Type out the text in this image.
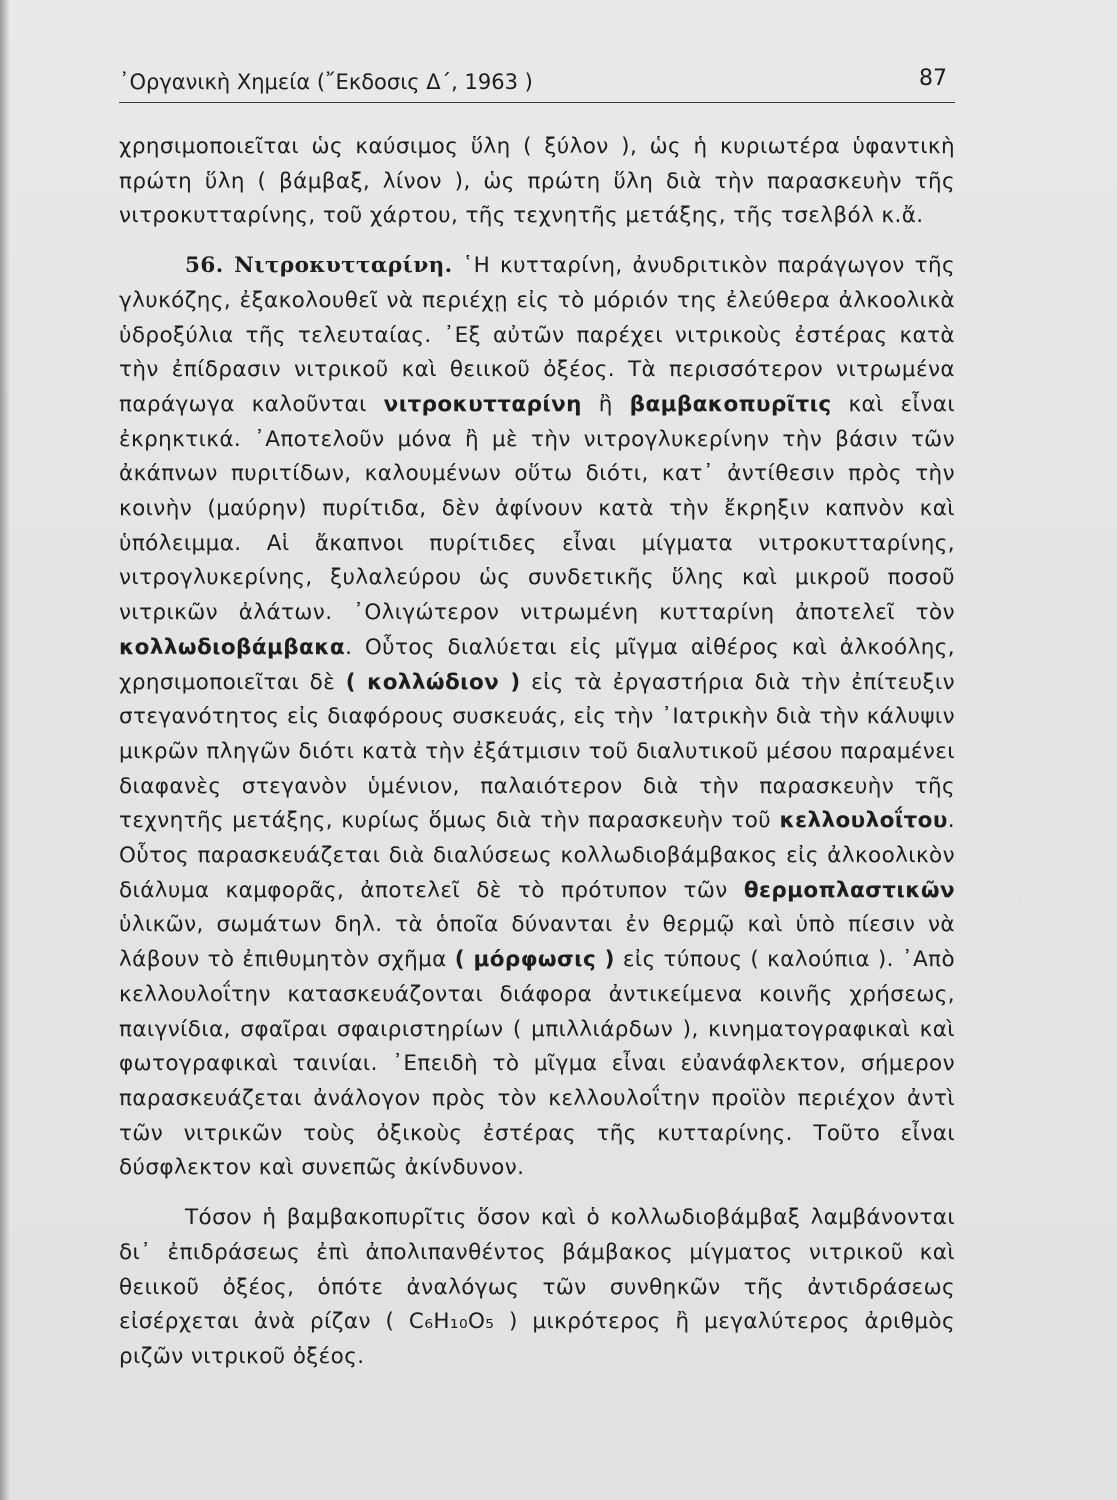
᾿Οργανικὴ Χημεία (῎Εκδοσις Δ΄, 1963 )	87

χρησιμοποιεῖται ὡς καύσιμος ὕλη ( ξύλον ), ὡς ἡ κυριωτέρα ὑφαντικὴ πρώτη ὕλη ( βάμβαξ, λίνον ), ὡς πρώτη ὕλη διὰ τὴν παρασκευὴν τῆς νιτροκυτταρίνης, τοῦ χάρτου, τῆς τεχνητῆς μετάξης, τῆς τσελβόλ κ.ἄ.

56. Νιτροκυτταρίνη. ῾Η κυτταρίνη, ἀνυδριτικὸν παράγωγον τῆς γλυκόζης, ἐξακολουθεῖ νὰ περιέχῃ εἰς τὸ μόριόν της ἐλεύθερα ἀλκοολικὰ ὑδροξύλια τῆς τελευταίας. ᾿Εξ αὐτῶν παρέχει νιτρικοὺς ἐστέρας κατὰ τὴν ἐπίδρασιν νιτρικοῦ καὶ θειικοῦ ὀξέος. Τὰ περισσότερον νιτρωμένα παράγωγα καλοῦνται νιτροκυτταρίνη ἢ βαμβακοπυρῖτις καὶ εἶναι ἐκρηκτικά. ᾿Αποτελοῦν μόνα ἢ μὲ τὴν νιτρογλυκερίνην τὴν βάσιν τῶν ἀκάπνων πυριτίδων, καλουμένων οὕτω διότι, κατ᾿ ἀντίθεσιν πρὸς τὴν κοινὴν (μαύρην) πυρίτιδα, δὲν ἀφίνουν κατὰ τὴν ἔκρηξιν καπνὸν καὶ ὑπόλειμμα. Αἱ ἄκαπνοι πυρίτιδες εἶναι μίγματα νιτροκυτταρίνης, νιτρογλυκερίνης, ξυλαλεύρου ὡς συνδετικῆς ὕλης καὶ μικροῦ ποσοῦ νιτρικῶν ἀλάτων. ᾿Ολιγώτερον νιτρωμένη κυτταρίνη ἀποτελεῖ τὸν κολλωδιοβάμβακα. Οὗτος διαλύεται εἰς μῖγμα αἰθέρος καὶ ἀλκοόλης, χρησιμοποιεῖται δὲ ( κολλώδιον ) εἰς τὰ ἐργαστήρια διὰ τὴν ἐπίτευξιν στεγανότητος εἰς διαφόρους συσκευάς, εἰς τὴν ᾿Ιατρικὴν διὰ τὴν κάλυψιν μικρῶν πληγῶν διότι κατὰ τὴν ἐξάτμισιν τοῦ διαλυτικοῦ μέσου παραμένει διαφανὲς στεγανὸν ὑμένιον, παλαιότερον διὰ τὴν παρασκευὴν τῆς τεχνητῆς μετάξης, κυρίως ὅμως διὰ τὴν παρασκευὴν τοῦ κελλουλοΐτου. Οὗτος παρασκευάζεται διὰ διαλύσεως κολλωδιοβάμβακος εἰς ἀλκοολικὸν διάλυμα καμφορᾶς, ἀποτελεῖ δὲ τὸ πρότυπον τῶν θερμοπλαστικῶν ὑλικῶν, σωμάτων δηλ. τὰ ὁποῖα δύνανται ἐν θερμῷ καὶ ὑπὸ πίεσιν νὰ λάβουν τὸ ἐπιθυμητὸν σχῆμα ( μόρφωσις ) εἰς τύπους ( καλούπια ). ᾿Απὸ κελλουλοΐτην κατασκευάζονται διάφορα ἀντικείμενα κοινῆς χρήσεως, παιγνίδια, σφαῖραι σφαιριστηρίων ( μπιλλιάρδων ), κινηματογραφικαὶ καὶ φωτογραφικαὶ ταινίαι. ᾿Επειδὴ τὸ μῖγμα εἶναι εὐανάφλεκτον, σήμερον παρασκευάζεται ἀνάλογον πρὸς τὸν κελλουλοΐτην προϊὸν περιέχον ἀντὶ τῶν νιτρικῶν τοὺς ὀξικοὺς ἐστέρας τῆς κυτταρίνης. Τοῦτο εἶναι δύσφλεκτον καὶ συνεπῶς ἀκίνδυνον.

Τόσον ἡ βαμβακοπυρῖτις ὅσον καὶ ὁ κολλωδιοβάμβαξ λαμβάνονται δι᾿ ἐπιδράσεως ἐπὶ ἀπολιπανθέντος βάμβακος μίγματος νιτρικοῦ καὶ θειικοῦ ὀξέος, ὁπότε ἀναλόγως τῶν συνθηκῶν τῆς ἀντιδράσεως εἰσέρχεται ἀνὰ ρίζαν ( C₆H₁₀O₅ ) μικρότερος ἢ μεγαλύτερος ἀριθμὸς ριζῶν νιτρικοῦ ὀξέος.
